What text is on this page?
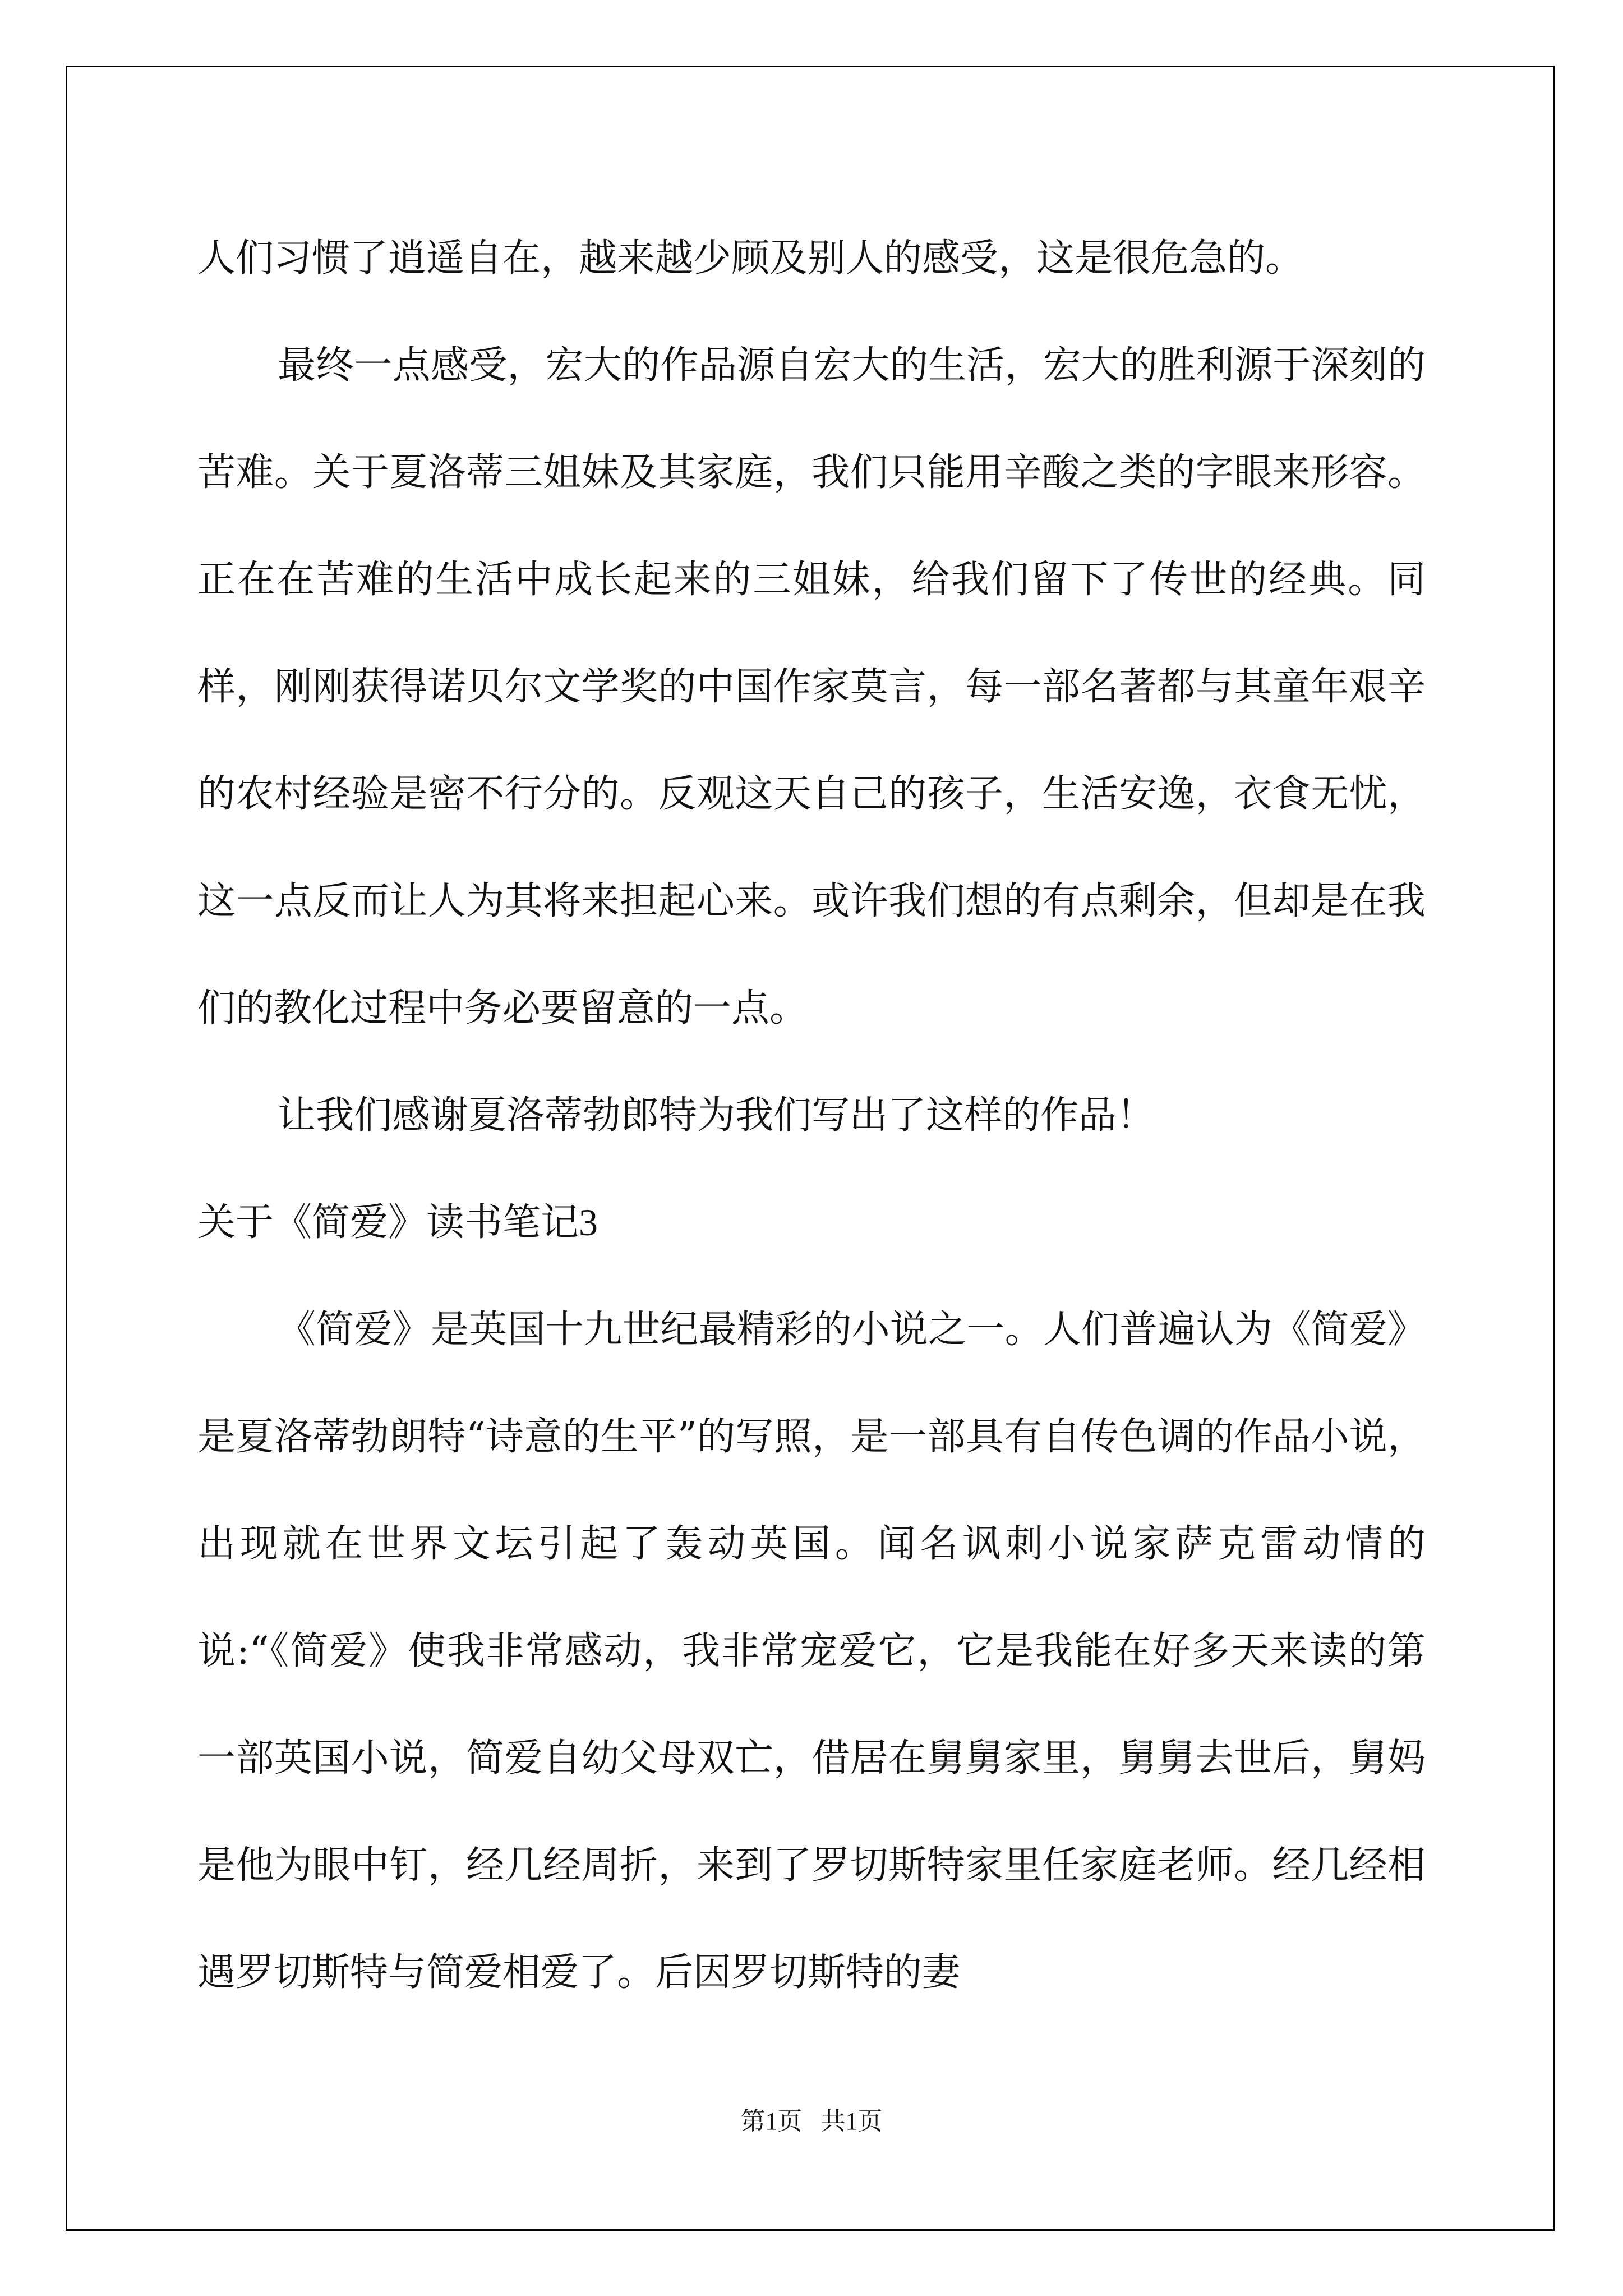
人们习惯了逍遥自在，越来越少顾及别人的感受，这是很危急的。

最终一点感受，宏大的作品源自宏大的生活，宏大的胜利源于深刻的苦难。关于夏洛蒂三姐妹及其家庭，我们只能用辛酸之类的字眼来形容。正在在苦难的生活中成长起来的三姐妹，给我们留下了传世的经典。同样，刚刚获得诺贝尔文学奖的中国作家莫言，每一部名著都与其童年艰辛的农村经验是密不行分的。反观这天自己的孩子，生活安逸，衣食无忧，这一点反而让人为其将来担起心来。或许我们想的有点剩余，但却是在我们的教化过程中务必要留意的一点。

让我们感谢夏洛蒂勃郎特为我们写出了这样的作品！

关于《简爱》读书笔记3

《简爱》是英国十九世纪最精彩的小说之一。人们普遍认为《简爱》是夏洛蒂勃朗特“诗意的生平”的写照，是一部具有自传色调的作品小说，出现就在世界文坛引起了轰动英国。闻名讽刺小说家萨克雷动情的说:“《简爱》使我非常感动，我非常宠爱它，它是我能在好多天来读的第一部英国小说，简爱自幼父母双亡，借居在舅舅家里，舅舅去世后，舅妈是他为眼中钉，经几经周折，来到了罗切斯特家里任家庭老师。经几经相遇罗切斯特与简爱相爱了。后因罗切斯特的妻

第1页   共1页
